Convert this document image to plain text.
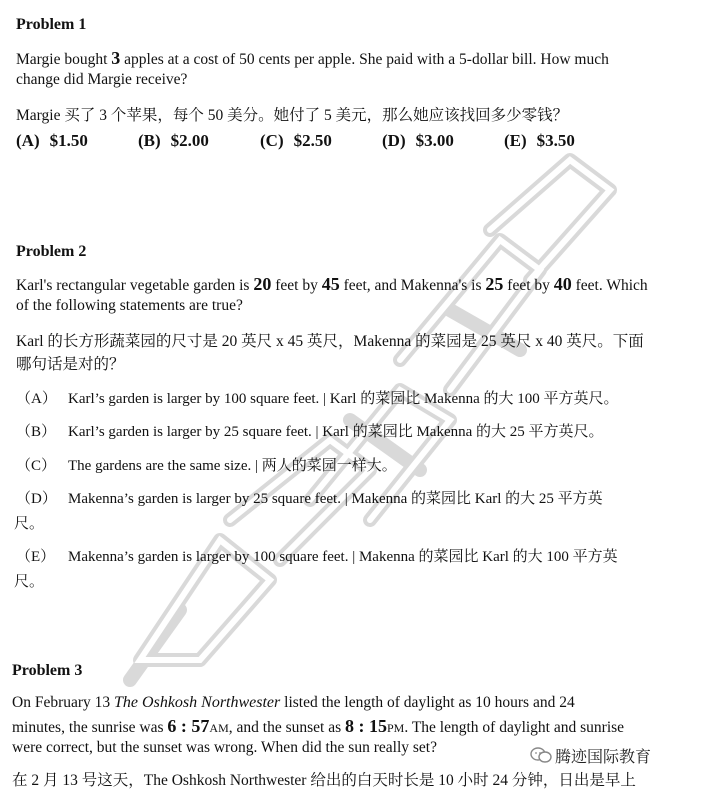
Problem 1
Margie bought 3 apples at a cost of 50 cents per apple. She paid with a 5-dollar bill. How much
change did Margie receive?
Margie 买了 3 个苹果，每个 50 美分。她付了 5 美元，那么她应该找回多少零钱？
(A) $1.50	(B) $2.00	(C) $2.50	(D) $3.00	(E) $3.50
Problem 2
Karl's rectangular vegetable garden is 20 feet by 45 feet, and Makenna's is 25 feet by 40 feet. Which
of the following statements are true?
Karl 的长方形蔬菜园的尺寸是 20 英尺 x 45 英尺，Makenna 的菜园是 25 英尺 x 40 英尺。下面
哪句话是对的？
（A） Karl’s garden is larger by 100 square feet. | Karl 的菜园比 Makenna 的大 100 平方英尺。
（B） Karl’s garden is larger by 25 square feet. | Karl 的菜园比 Makenna 的大 25 平方英尺。
（C） The gardens are the same size. | 两人的菜园一样大。
（D） Makenna’s garden is larger by 25 square feet. | Makenna 的菜园比 Karl 的大 25 平方英
尺。
（E） Makenna’s garden is larger by 100 square feet. | Makenna 的菜园比 Karl 的大 100 平方英
尺。
Problem 3
On February 13 The Oshkosh Northwester listed the length of daylight as 10 hours and 24
minutes, the sunrise was 6 : 57AM, and the sunset as 8 : 15PM. The length of daylight and sunrise
were correct, but the sunset was wrong. When did the sun really set?
在 2 月 13 号这天，The Oshkosh Northwester 给出的白天时长是 10 小时 24 分钟，日出是早上
腾迹国际教育
